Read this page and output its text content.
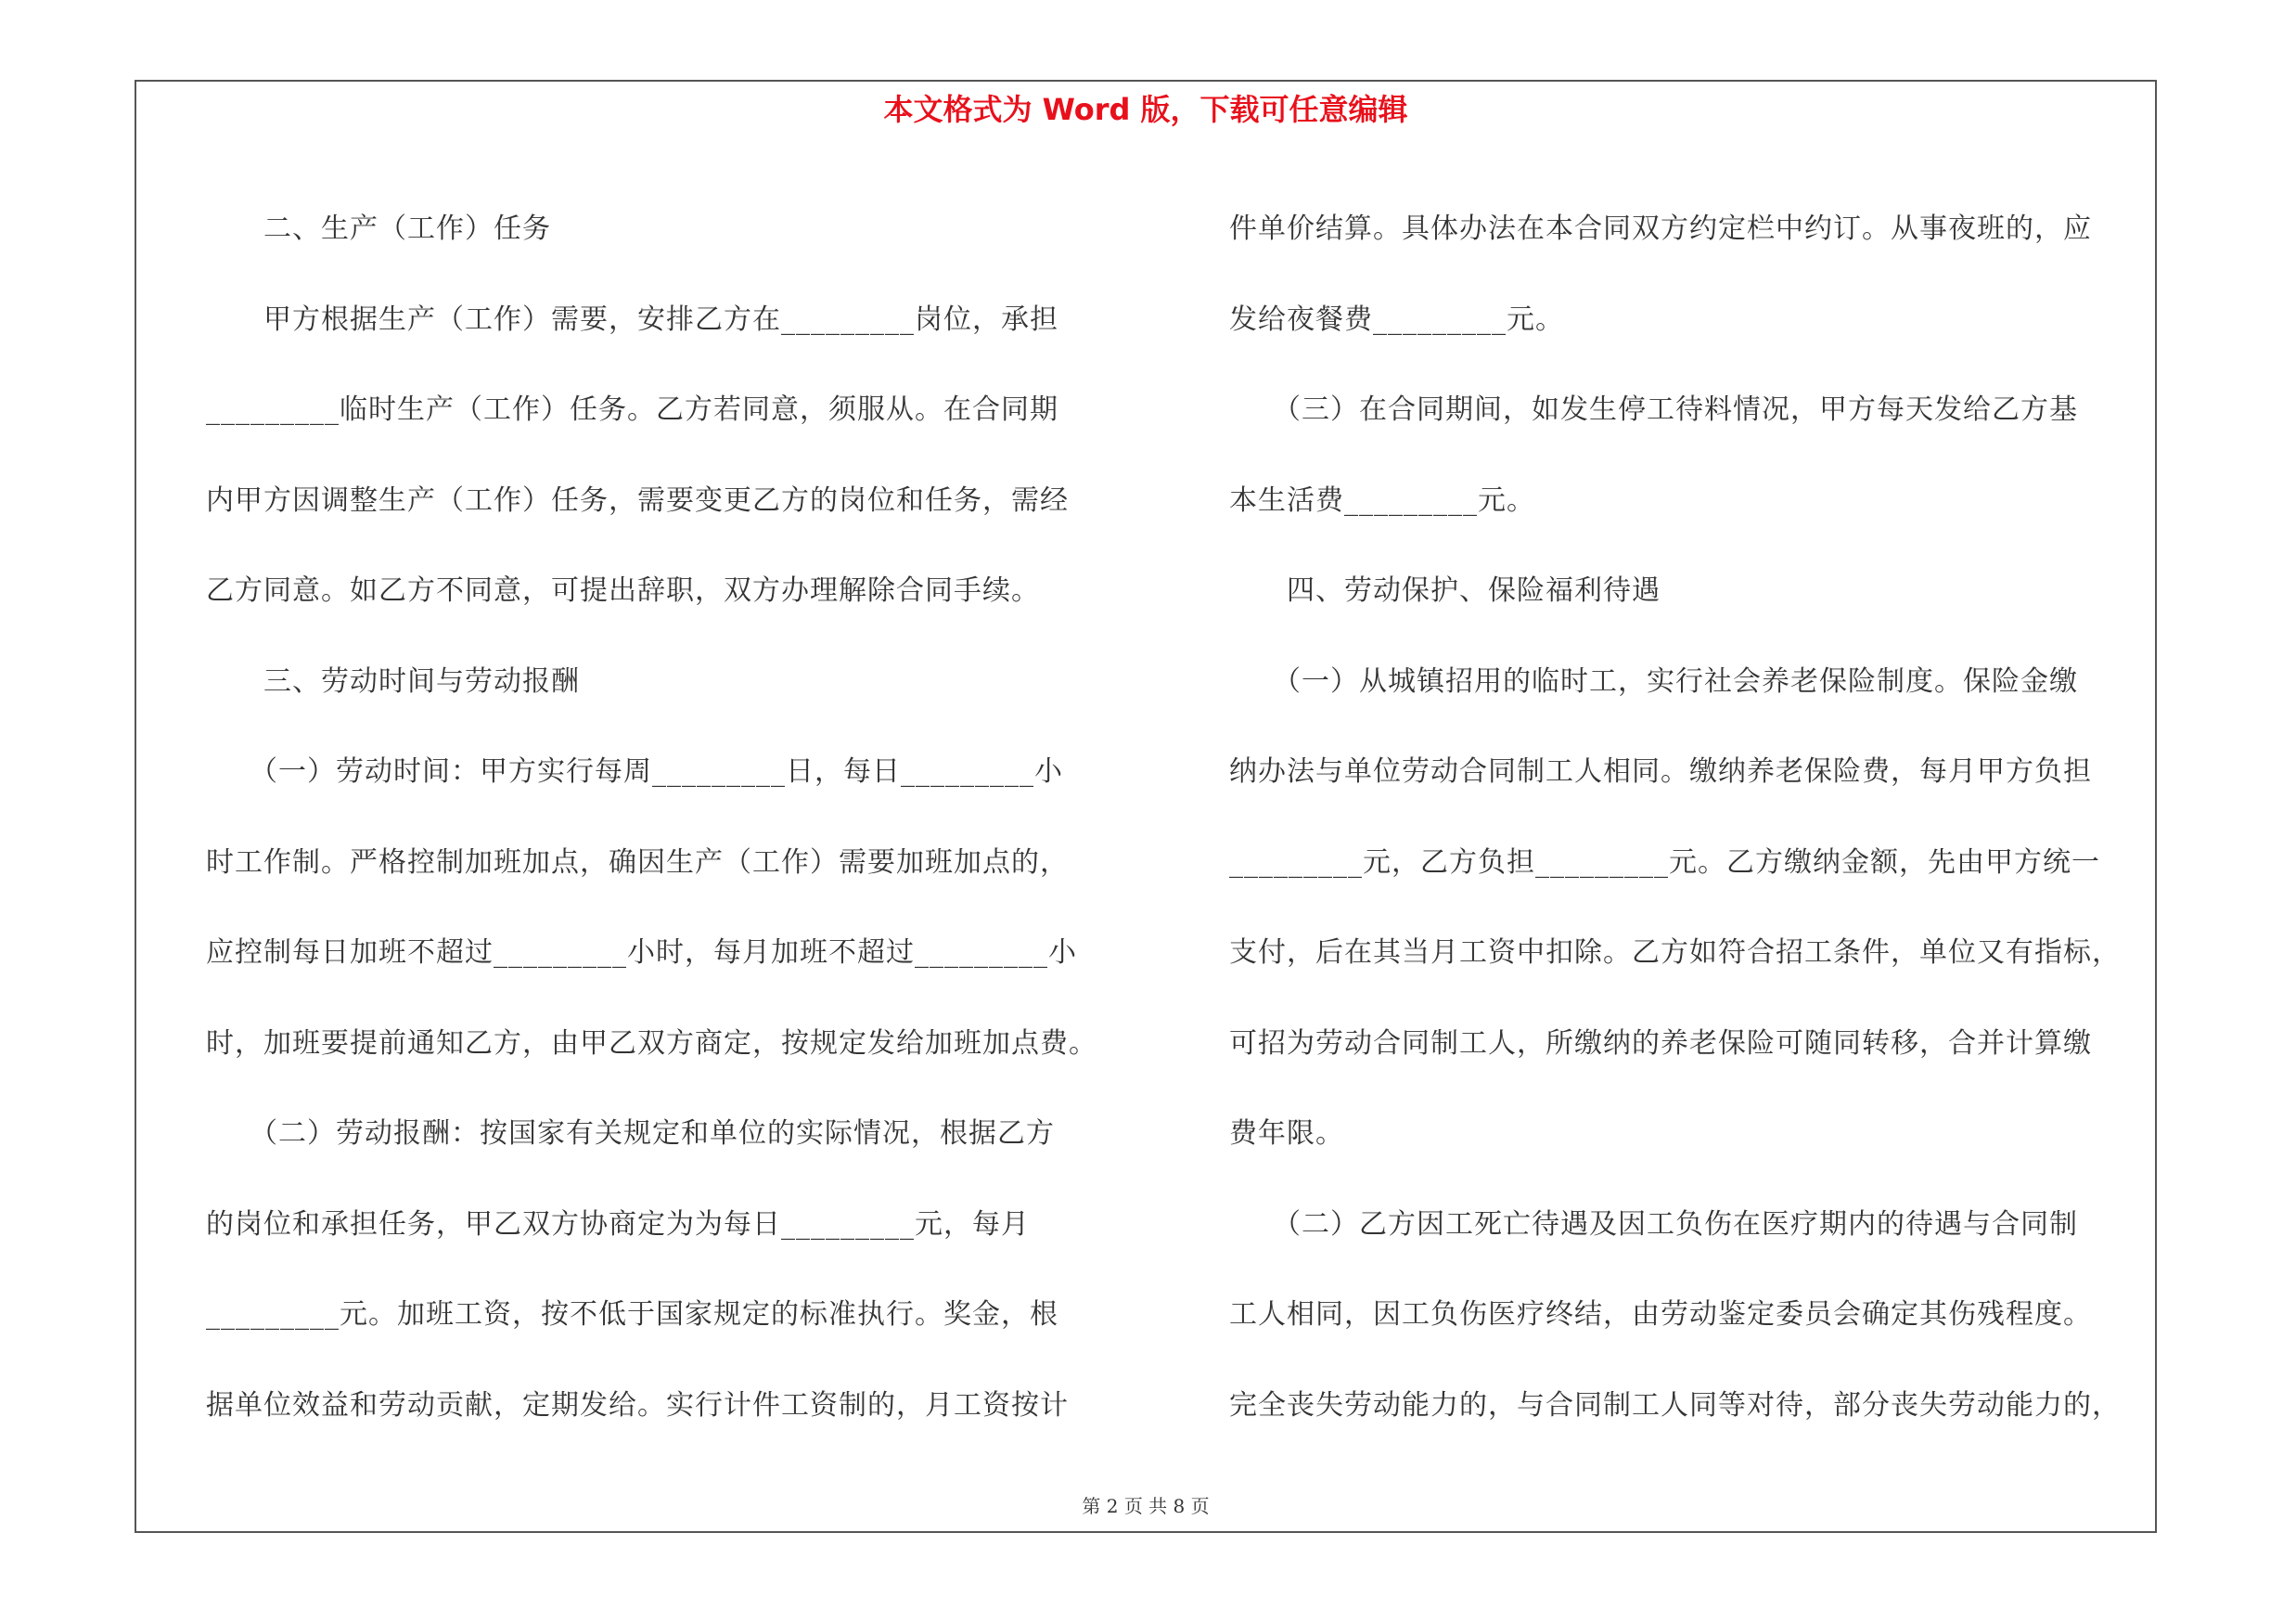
本文格式为 Word 版，下载可任意编辑

　　二、生产（工作）任务

　　甲方根据生产（工作）需要，安排乙方在_________岗位，承担

_________临时生产（工作）任务。乙方若同意，须服从。在合同期

内甲方因调整生产（工作）任务，需要变更乙方的岗位和任务，需经

乙方同意。如乙方不同意，可提出辞职，双方办理解除合同手续。

　　三、劳动时间与劳动报酬

　　（一）劳动时间：甲方实行每周_________日，每日_________小

时工作制。严格控制加班加点，确因生产（工作）需要加班加点的，

应控制每日加班不超过_________小时，每月加班不超过_________小

时，加班要提前通知乙方，由甲乙双方商定，按规定发给加班加点费。

　　（二）劳动报酬：按国家有关规定和单位的实际情况，根据乙方

的岗位和承担任务，甲乙双方协商定为为每日_________元，每月

_________元。加班工资，按不低于国家规定的标准执行。奖金，根

据单位效益和劳动贡献，定期发给。实行计件工资制的，月工资按计

件单价结算。具体办法在本合同双方约定栏中约订。从事夜班的，应

发给夜餐费_________元。

　　（三）在合同期间，如发生停工待料情况，甲方每天发给乙方基

本生活费_________元。

　　四、劳动保护、保险福利待遇

　　（一）从城镇招用的临时工，实行社会养老保险制度。保险金缴

纳办法与单位劳动合同制工人相同。缴纳养老保险费，每月甲方负担

_________元，乙方负担_________元。乙方缴纳金额，先由甲方统一

支付，后在其当月工资中扣除。乙方如符合招工条件，单位又有指标，

可招为劳动合同制工人，所缴纳的养老保险可随同转移，合并计算缴

费年限。

　　（二）乙方因工死亡待遇及因工负伤在医疗期内的待遇与合同制

工人相同，因工负伤医疗终结，由劳动鉴定委员会确定其伤残程度。

完全丧失劳动能力的，与合同制工人同等对待，部分丧失劳动能力的，

第 2 页 共 8 页
